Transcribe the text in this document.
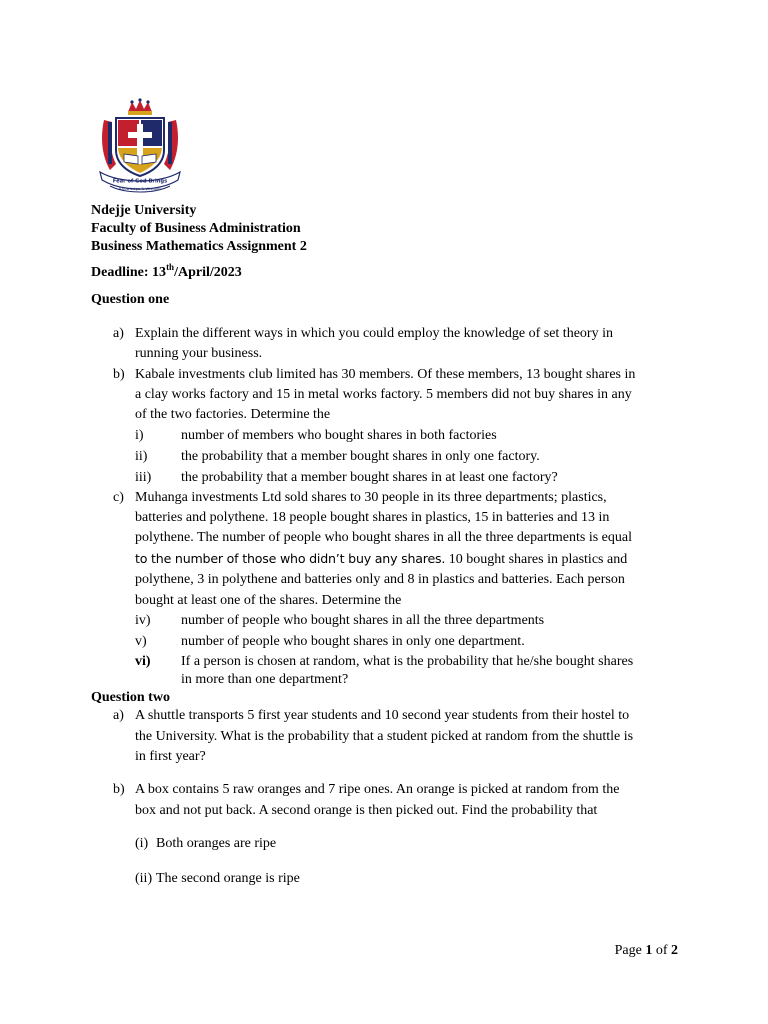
Fear of God Brings
Knowledge & Wisdom

Ndejje University

Faculty of Business Administration

Business Mathematics Assignment 2

Deadline: 13th/April/2023

Question one

a) Explain the different ways in which you could employ the knowledge of set theory in

running your business.

b) Kabale investments club limited has 30 members. Of these members, 13 bought shares in

a clay works factory and 15 in metal works factory. 5 members did not buy shares in any

of the two factories. Determine the

i)	number of members who bought shares in both factories

ii) the probability that a member bought shares in only one factory.

iii) the probability that a member bought shares in at least one factory?

c) Muhanga investments Ltd sold shares to 30 people in its three departments; plastics,

batteries and polythene. 18 people bought shares in plastics, 15 in batteries and 13 in

polythene. The number of people who bought shares in all the three departments is equal

to the number of those who didn’t buy any shares. 10 bought shares in plastics and

polythene, 3 in polythene and batteries only and 8 in plastics and batteries. Each person

bought at least one of the shares. Determine the

iv) number of people who bought shares in all the three departments

v) number of people who bought shares in only one department.

vi) If a person is chosen at random, what is the probability that he/she bought shares

in more than one department?

Question two

a) A shuttle transports 5 first year students and 10 second year students from their hostel to

the University. What is the probability that a student picked at random from the shuttle is

in first year?

b) A box contains 5 raw oranges and 7 ripe ones. An orange is picked at random from the

box and not put back. A second orange is then picked out. Find the probability that

(i) Both oranges are ripe

(ii) The second orange is ripe

Page 1 of 2
